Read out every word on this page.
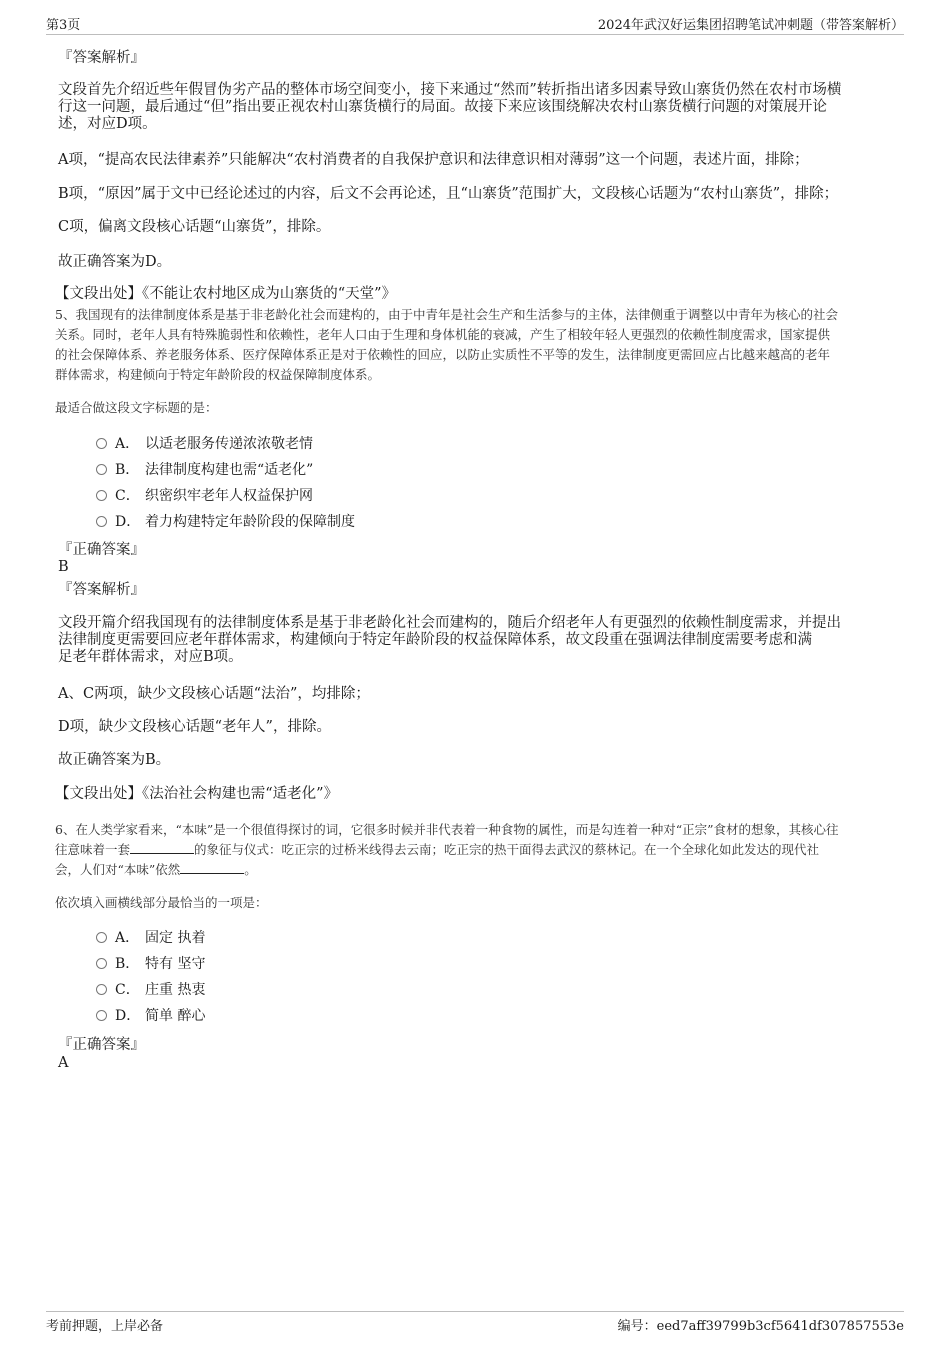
第3页	2024年武汉好运集团招聘笔试冲刺题（带答案解析）
『答案解析』
文段首先介绍近些年假冒伪劣产品的整体市场空间变小，接下来通过“然而”转折指出诸多因素导致山寨货仍然在农村市场横
行这一问题，最后通过“但”指出要正视农村山寨货横行的局面。故接下来应该围绕解决农村山寨货横行问题的对策展开论
述，对应D项。
A项，“提高农民法律素养”只能解决“农村消费者的自我保护意识和法律意识相对薄弱”这一个问题，表述片面，排除；
B项，“原因”属于文中已经论述过的内容，后文不会再论述，且“山寨货”范围扩大，文段核心话题为“农村山寨货”，排除；
C项，偏离文段核心话题“山寨货”，排除。
故正确答案为D。
【文段出处】《不能让农村地区成为山寨货的“天堂”》
5、我国现有的法律制度体系是基于非老龄化社会而建构的，由于中青年是社会生产和生活参与的主体，法律侧重于调整以中青年为核心的社会
关系。同时，老年人具有特殊脆弱性和依赖性，老年人口由于生理和身体机能的衰减，产生了相较年轻人更强烈的依赖性制度需求，国家提供
的社会保障体系、养老服务体系、医疗保障体系正是对于依赖性的回应，以防止实质性不平等的发生，法律制度更需回应占比越来越高的老年
群体需求，构建倾向于特定年龄阶段的权益保障制度体系。
最适合做这段文字标题的是：
A． 以适老服务传递浓浓敬老情
B． 法律制度构建也需“适老化”
C． 织密织牢老年人权益保护网
D． 着力构建特定年龄阶段的保障制度
『正确答案』
B
『答案解析』
文段开篇介绍我国现有的法律制度体系是基于非老龄化社会而建构的，随后介绍老年人有更强烈的依赖性制度需求，并提出
法律制度更需要回应老年群体需求，构建倾向于特定年龄阶段的权益保障体系，故文段重在强调法律制度需要考虑和满
足老年群体需求，对应B项。
A、C两项，缺少文段核心话题“法治”，均排除；
D项，缺少文段核心话题“老年人”，排除。
故正确答案为B。
【文段出处】《法治社会构建也需“适老化”》
6、在人类学家看来，“本味”是一个很值得探讨的词，它很多时候并非代表着一种食物的属性，而是勾连着一种对“正宗”食材的想象，其核心往
往意味着一套	的象征与仪式：吃正宗的过桥米线得去云南；吃正宗的热干面得去武汉的蔡林记。在一个全球化如此发达的现代社
会，人们对“本味”依然	。
依次填入画横线部分最恰当的一项是：
A． 固定 执着
B． 特有 坚守
C． 庄重 热衷
D． 简单 醉心
『正确答案』
A
考前押题，上岸必备	编号：eed7aff39799b3cf5641df307857553e
